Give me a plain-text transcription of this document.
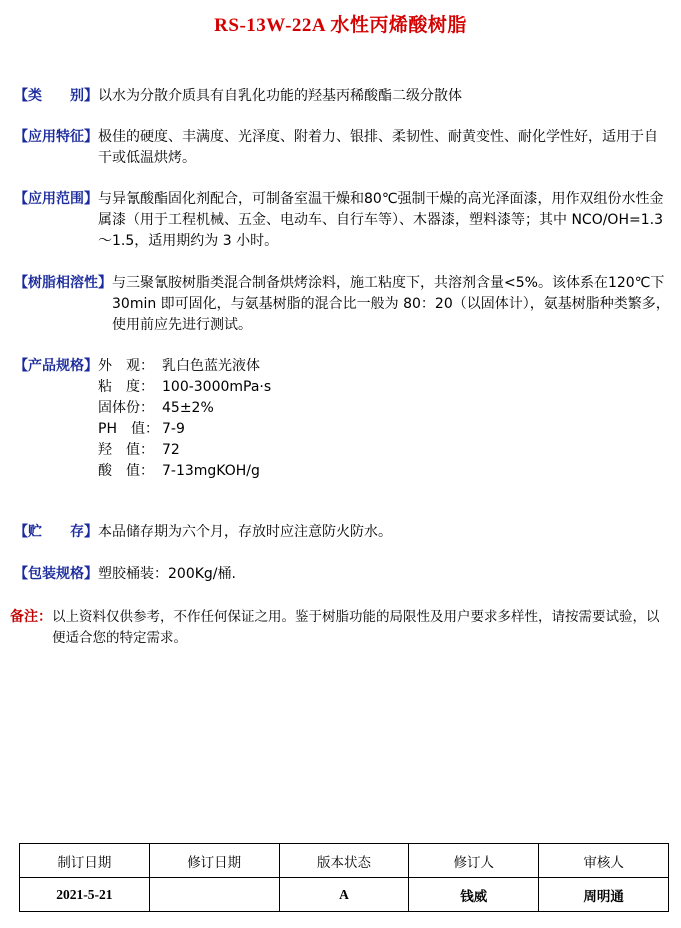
RS-13W-22A 水性丙烯酸树脂
【类　　别】 以水为分散介质具有自乳化功能的羟基丙稀酸酯二级分散体
【应用特征】 极佳的硬度、丰满度、光泽度、附着力、银排、柔韧性、耐黄变性、耐化学性好，适用于自干或低温烘烤。
【应用范围】 与异氰酸酯固化剂配合，可制备室温干燥和80℃强制干燥的高光泽面漆，用作双组份水性金属漆（用于工程机械、五金、电动车、自行车等）、木器漆，塑料漆等；其中 NCO/OH=1.3～1.5，适用期约为 3 小时。
【树脂相溶性】 与三聚氰胺树脂类混合制备烘烤涂料，施工粘度下，共溶剂含量<5%。该体系在120℃下 30min 即可固化，与氨基树脂的混合比一般为 80：20（以固体计），氨基树脂种类繁多，使用前应先进行测试。
【产品规格】 外　观： 乳白色蓝光液体
粘　度： 100-3000mPa·s
固体份： 45±2%
PH　值： 7-9
羟　值： 72
酸　值： 7-13mgKOH/g
【贮　　存】 本品储存期为六个月，存放时应注意防火防水。
【包装规格】 塑胶桶装：200Kg/桶.
备注： 以上资料仅供参考，不作任何保证之用。鉴于树脂功能的局限性及用户要求多样性，请按需要试验，以便适合您的特定需求。
制订日期	修订日期	版本状态	修订人	审核人
2021-5-21		A	钱威	周明通
